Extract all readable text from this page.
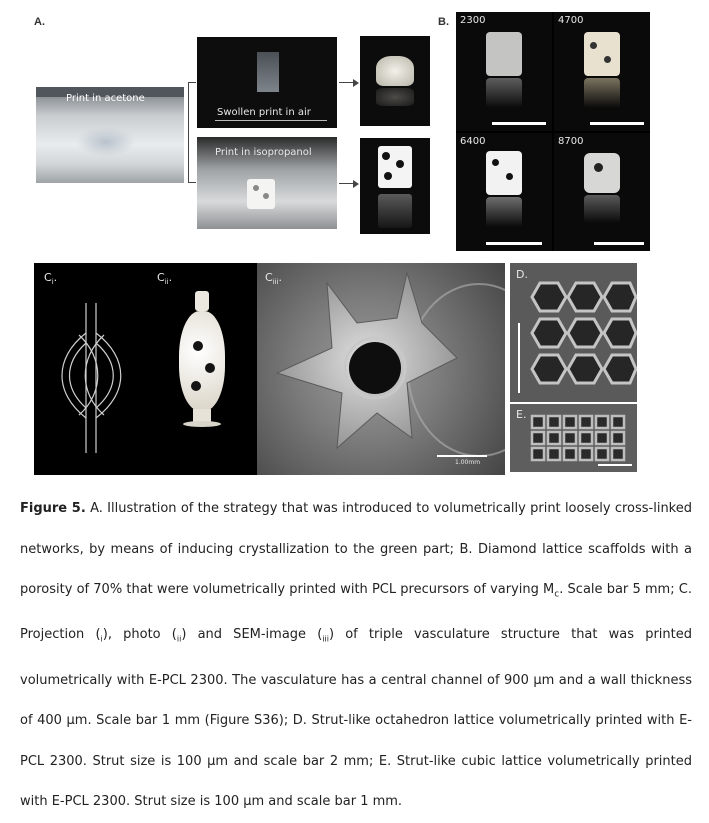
A.
Print in acetone
Swollen print in air
Print in isopropanol
B. 2300	4700
6400	8700
$C_i$.	$C_{ii}$.	$C_{iii}$.
1.00mm
D.
E.
Figure 5. A. Illustration of the strategy that was introduced to volumetrically print loosely cross-linked networks, by means of inducing crystallization to the green part; B. Diamond lattice scaffolds with a porosity of 70% that were volumetrically printed with PCL precursors of varying $M_c$. Scale bar 5 mm; C. Projection $(_i)$, photo $(_{ii})$ and SEM-image $(_{iii})$ of triple vasculature structure that was printed volumetrically with E-PCL 2300. The vasculature has a central channel of 900 µm and a wall thickness of 400 µm. Scale bar 1 mm (Figure S36); D. Strut-like octahedron lattice volumetrically printed with E-PCL 2300. Strut size is 100 µm and scale bar 2 mm; E. Strut-like cubic lattice volumetrically printed with E-PCL 2300. Strut size is 100 µm and scale bar 1 mm.
